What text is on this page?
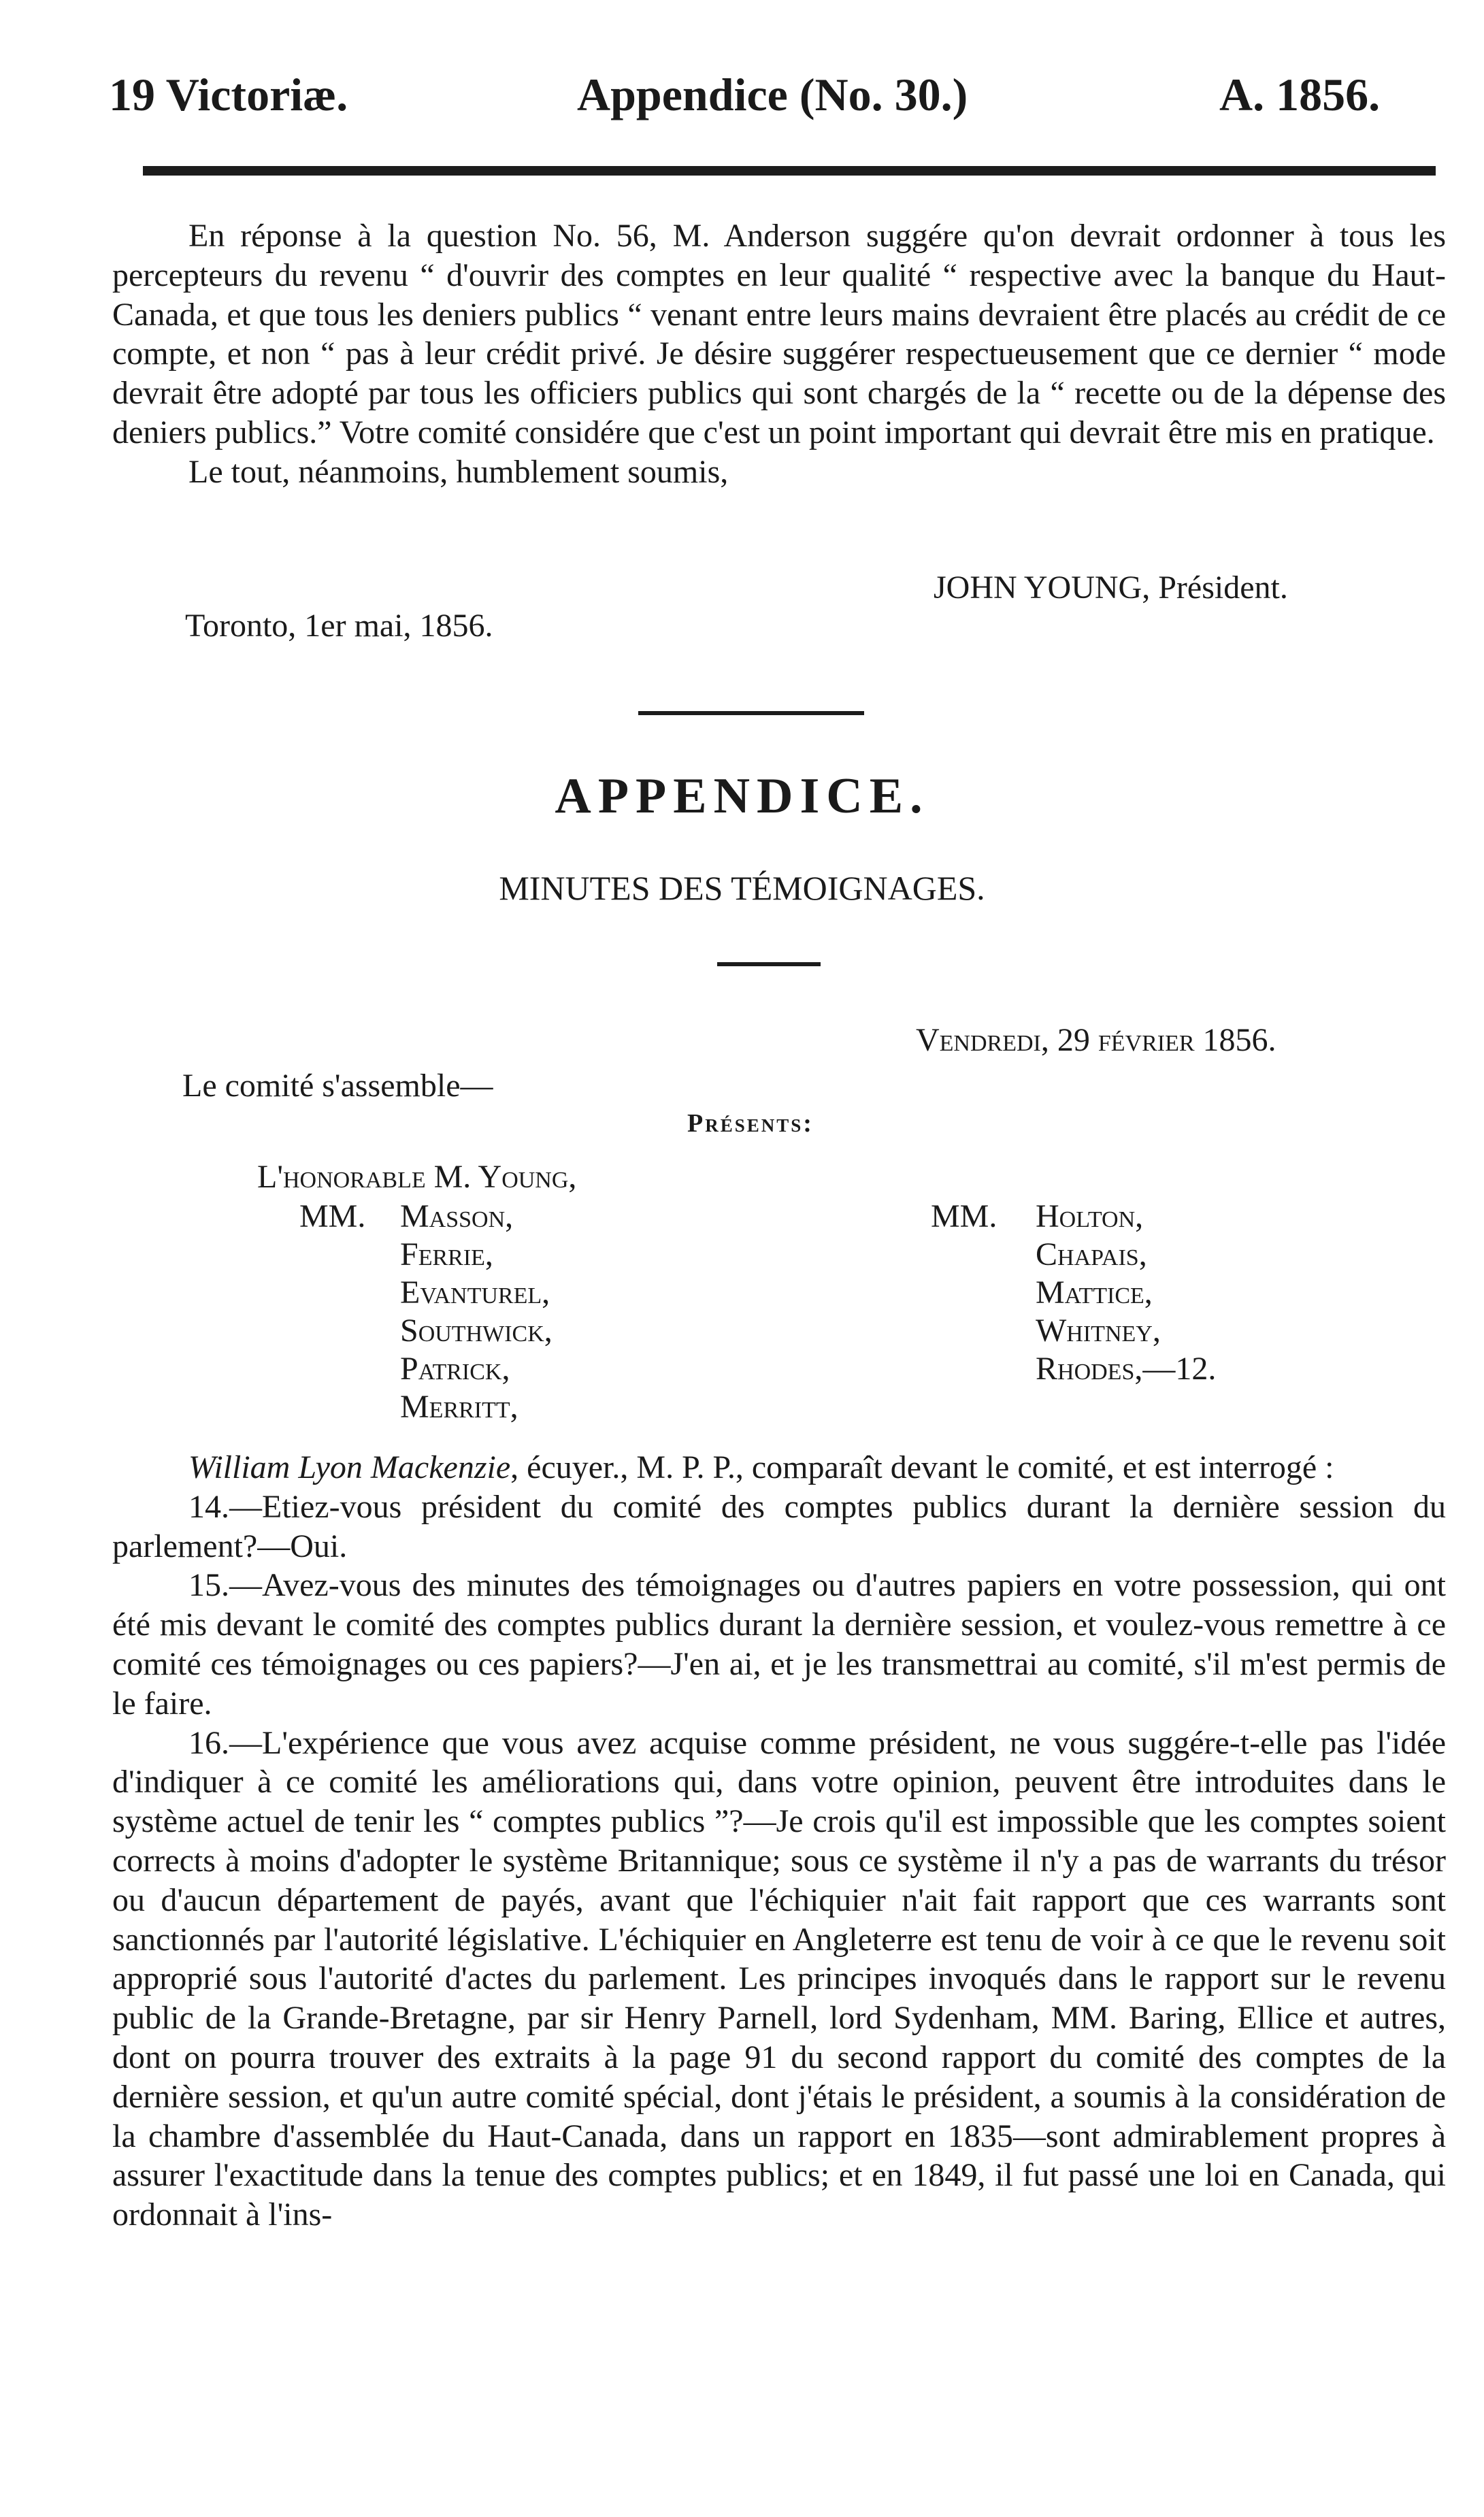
19 Victoriæ.	Appendice (No. 30.)	A. 1856.

En réponse à la question No. 56, M. Anderson suggére qu'on devrait ordonner à tous les percepteurs du revenu “ d'ouvrir des comptes en leur qualité “ respective avec la banque du Haut-Canada, et que tous les deniers publics “ venant entre leurs mains devraient être placés au crédit de ce compte, et non “ pas à leur crédit privé. Je désire suggérer respectueusement que ce dernier “ mode devrait être adopté par tous les officiers publics qui sont chargés de la “ recette ou de la dépense des deniers publics.” Votre comité considére que c'est un point important qui devrait être mis en pratique.

Le tout, néanmoins, humblement soumis,

JOHN YOUNG, Président.
Toronto, 1er mai, 1856.
APPENDICE.
MINUTES DES TÉMOIGNAGES.
Vendredi, 29 février 1856.
Le comité s'assemble—
Présents:
L'honorable M. Young,
MM. Masson,
Ferrie,
Evanturel,
Southwick,
Patrick,
Merritt,
MM. Holton,
Chapais,
Mattice,
Whitney,
Rhodes,—12.

William Lyon Mackenzie, écuyer., M. P. P., comparaît devant le comité, et est interrogé :

14.—Etiez-vous président du comité des comptes publics durant la dernière session du parlement?—Oui.

15.—Avez-vous des minutes des témoignages ou d'autres papiers en votre possession, qui ont été mis devant le comité des comptes publics durant la dernière session, et voulez-vous remettre à ce comité ces témoignages ou ces papiers?—J'en ai, et je les transmettrai au comité, s'il m'est permis de le faire.

16.—L'expérience que vous avez acquise comme président, ne vous suggére-t-elle pas l'idée d'indiquer à ce comité les améliorations qui, dans votre opinion, peuvent être introduites dans le système actuel de tenir les “ comptes publics ”?—Je crois qu'il est impossible que les comptes soient corrects à moins d'adopter le système Britannique; sous ce système il n'y a pas de warrants du trésor ou d'aucun département de payés, avant que l'échiquier n'ait fait rapport que ces warrants sont sanctionnés par l'autorité législative. L'échiquier en Angleterre est tenu de voir à ce que le revenu soit approprié sous l'autorité d'actes du parlement. Les principes invoqués dans le rapport sur le revenu public de la Grande-Bretagne, par sir Henry Parnell, lord Sydenham, MM. Baring, Ellice et autres, dont on pourra trouver des extraits à la page 91 du second rapport du comité des comptes de la dernière session, et qu'un autre comité spécial, dont j'étais le président, a soumis à la considération de la chambre d'assemblée du Haut-Canada, dans un rapport en 1835—sont admirablement propres à assurer l'exactitude dans la tenue des comptes publics; et en 1849, il fut passé une loi en Canada, qui ordonnait à l'ins-
